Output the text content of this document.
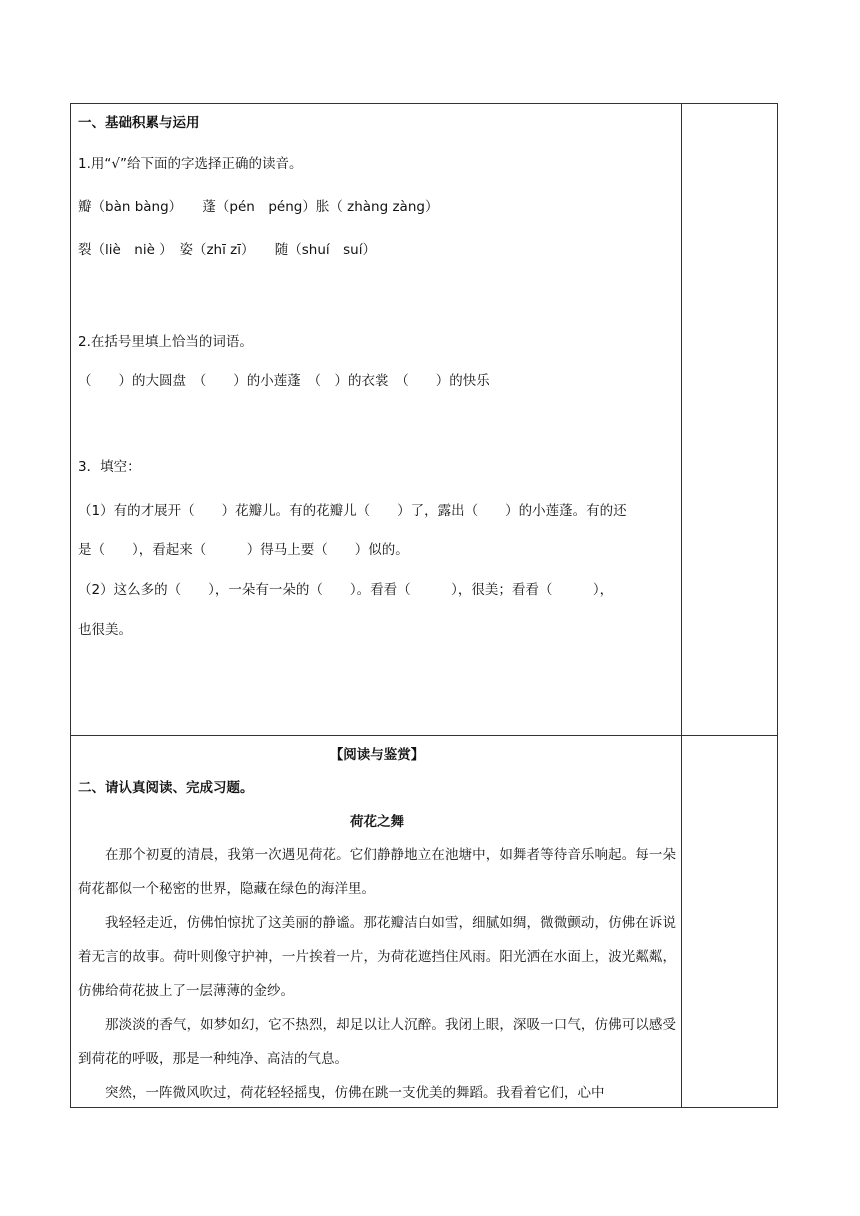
一、基础积累与运用
1.用“√”给下面的字选择正确的读音。
瓣（bàn bàng）　　蓬（pén　péng）胀（ zhàng zàng）
裂（liè　niè ）　姿（zhī zī）　　随（shuí　suí）
2.在括号里填上恰当的词语。
（　　）的大圆盘　（　　）的小莲蓬　（　）的衣裳　（　　）的快乐
3．填空：
（1）有的才展开（　　）花瓣儿。有的花瓣儿（　　）了，露出（　　）的小莲蓬。有的还
是（　　），看起来（　　　）得马上要（　　）似的。
（2）这么多的（　　），一朵有一朵的（　　）。看看（　　　），很美；看看（　　　），
也很美。
【阅读与鉴赏】
二、请认真阅读、完成习题。
荷花之舞

在那个初夏的清晨，我第一次遇见荷花。它们静静地立在池塘中，如舞者等待音乐响起。每一朵荷花都似一个秘密的世界，隐藏在绿色的海洋里。

我轻轻走近，仿佛怕惊扰了这美丽的静谧。那花瓣洁白如雪，细腻如绸，微微颤动，仿佛在诉说着无言的故事。荷叶则像守护神，一片挨着一片，为荷花遮挡住风雨。阳光洒在水面上，波光粼粼，仿佛给荷花披上了一层薄薄的金纱。

那淡淡的香气，如梦如幻，它不热烈，却足以让人沉醉。我闭上眼，深吸一口气，仿佛可以感受到荷花的呼吸，那是一种纯净、高洁的气息。

突然，一阵微风吹过，荷花轻轻摇曳，仿佛在跳一支优美的舞蹈。我看着它们，心中
